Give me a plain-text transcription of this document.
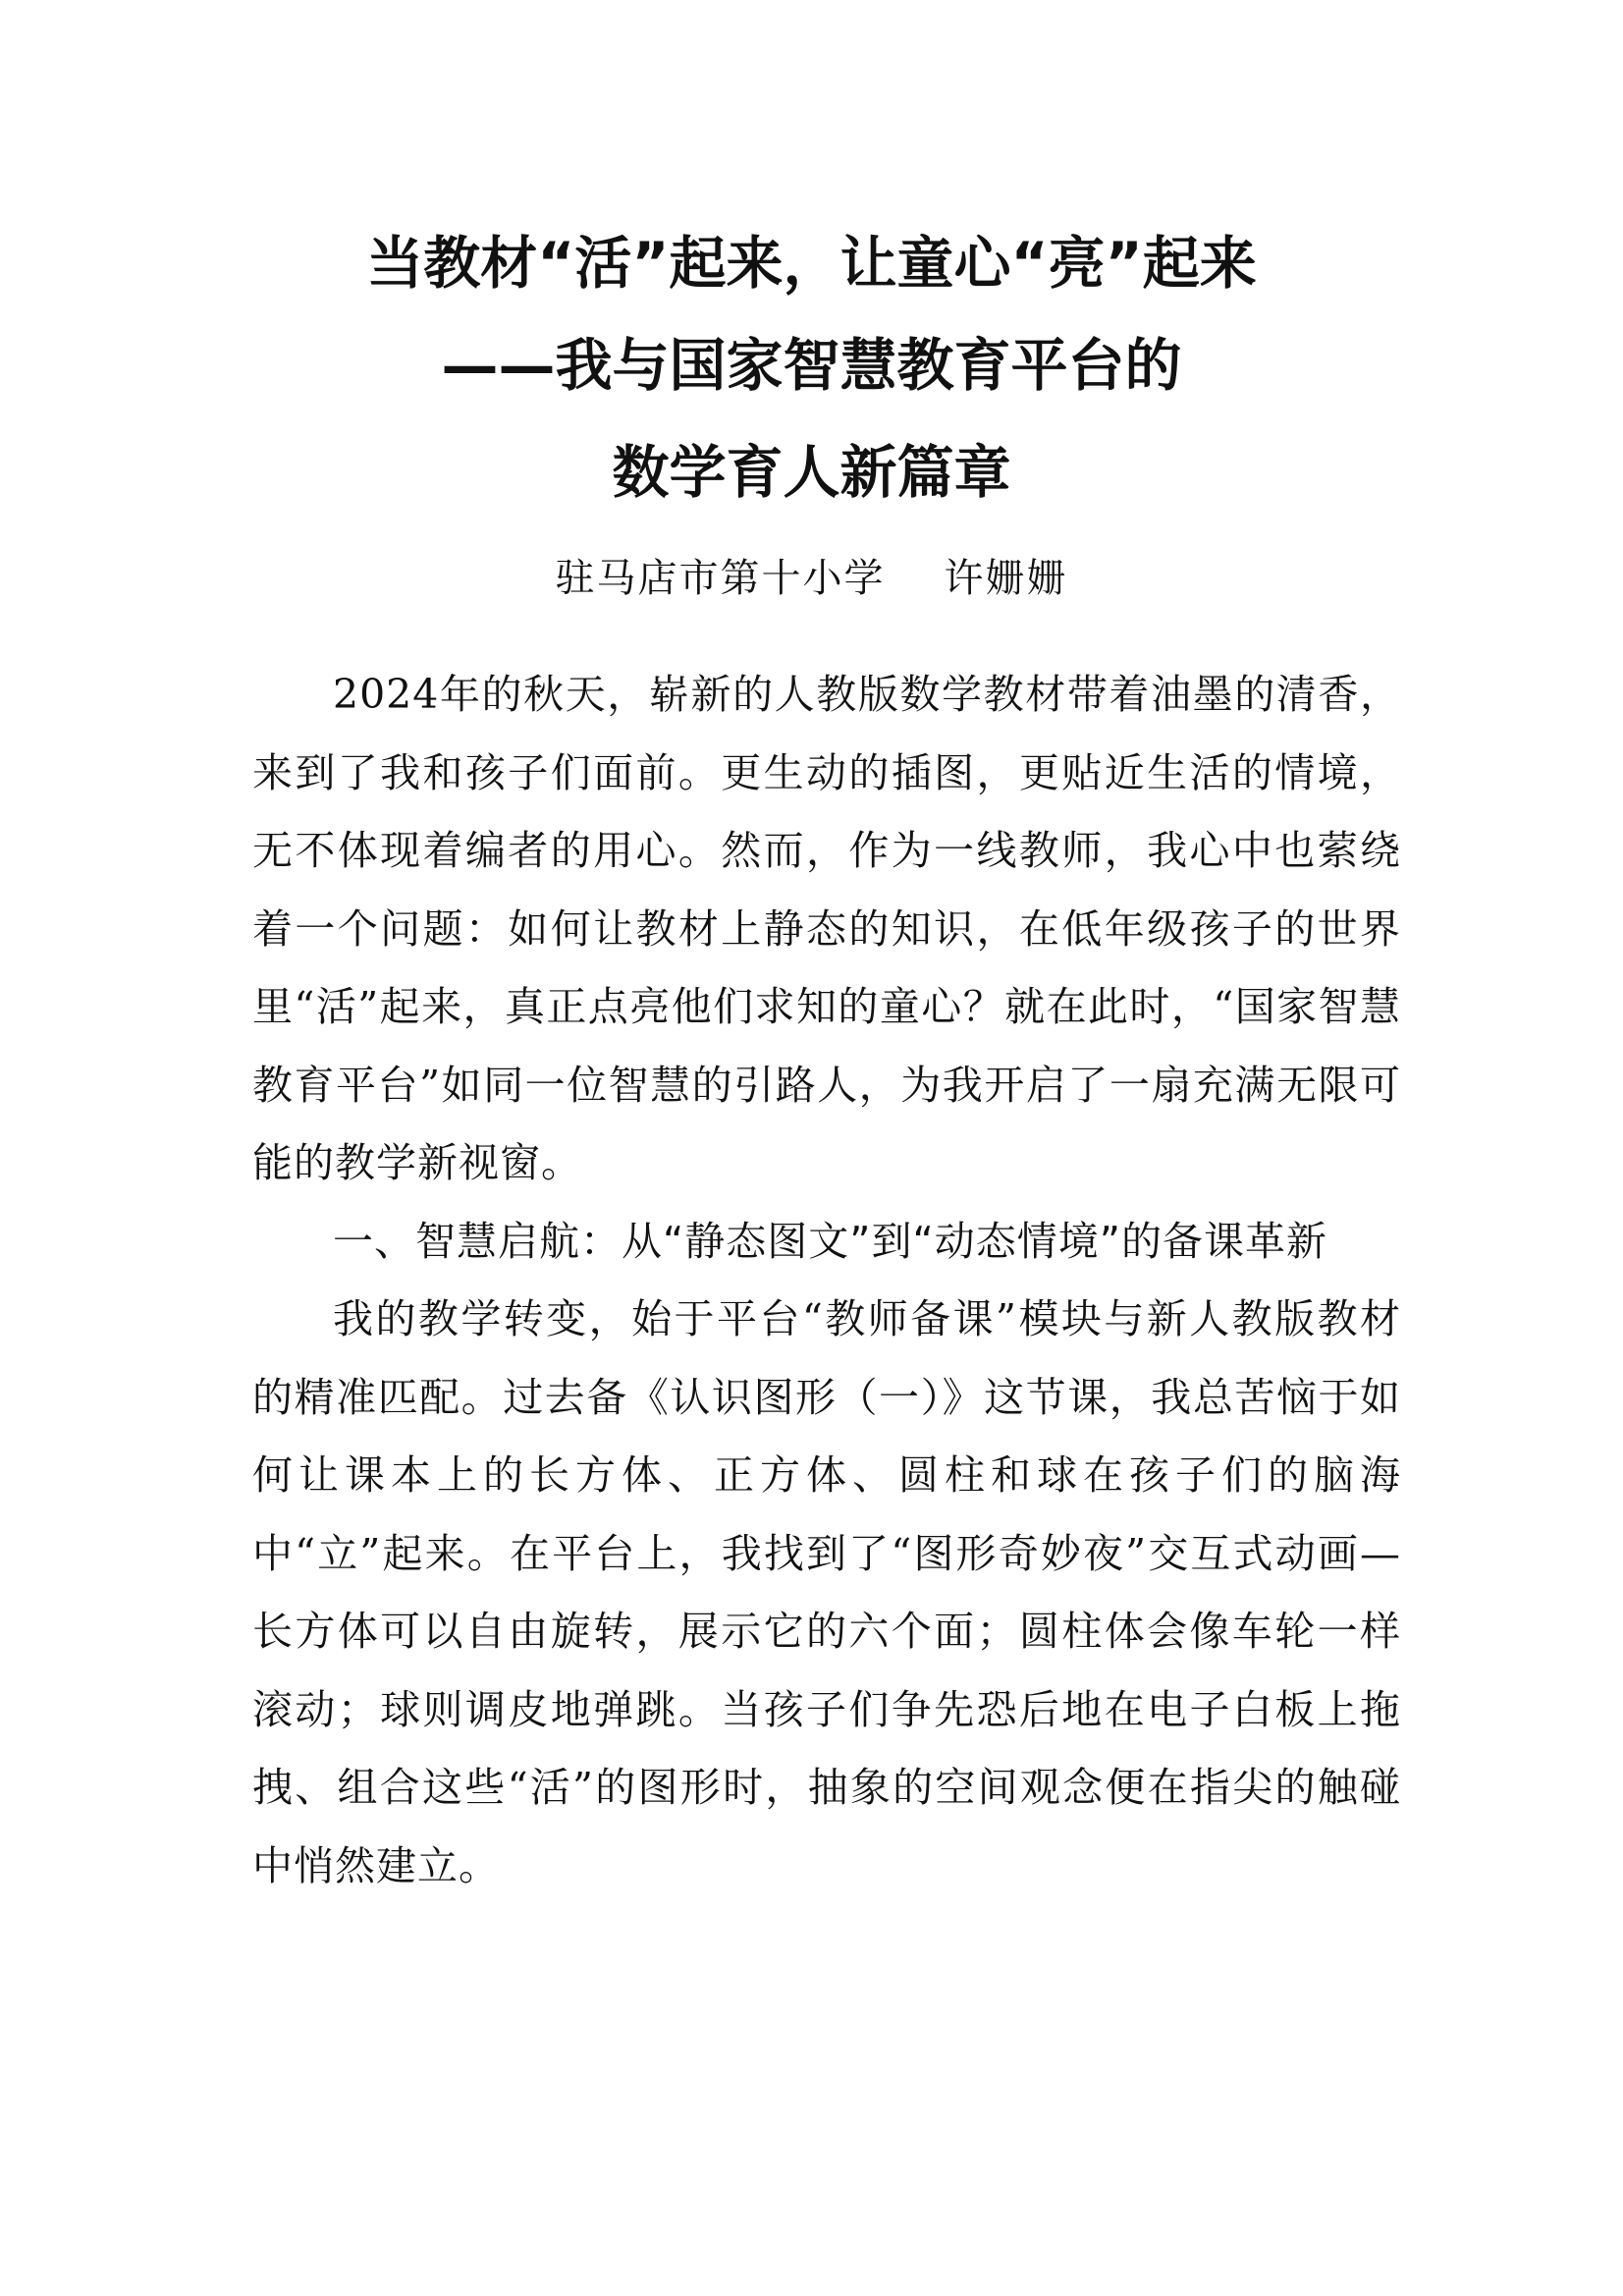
当教材“活”起来，让童心“亮”起来
——我与国家智慧教育平台的
数学育人新篇章
驻马店市第十小学 许姗姗

2024年的秋天，崭新的人教版数学教材带着油墨的清香，来到了我和孩子们面前。更生动的插图，更贴近生活的情境，无不体现着编者的用心。然而，作为一线教师，我心中也萦绕着一个问题：如何让教材上静态的知识，在低年级孩子的世界里“活”起来，真正点亮他们求知的童心？就在此时，“国家智慧教育平台”如同一位智慧的引路人，为我开启了一扇充满无限可能的教学新视窗。

一、智慧启航：从“静态图文”到“动态情境”的备课革新

我的教学转变，始于平台“教师备课”模块与新人教版教材的精准匹配。过去备《认识图形（一）》这节课，我总苦恼于如何让课本上的长方体、正方体、圆柱和球在孩子们的脑海中“立”起来。在平台上，我找到了“图形奇妙夜”交互式动画—长方体可以自由旋转，展示它的六个面；圆柱体会像车轮一样滚动；球则调皮地弹跳。当孩子们争先恐后地在电子白板上拖拽、组合这些“活”的图形时，抽象的空间观念便在指尖的触碰中悄然建立。
